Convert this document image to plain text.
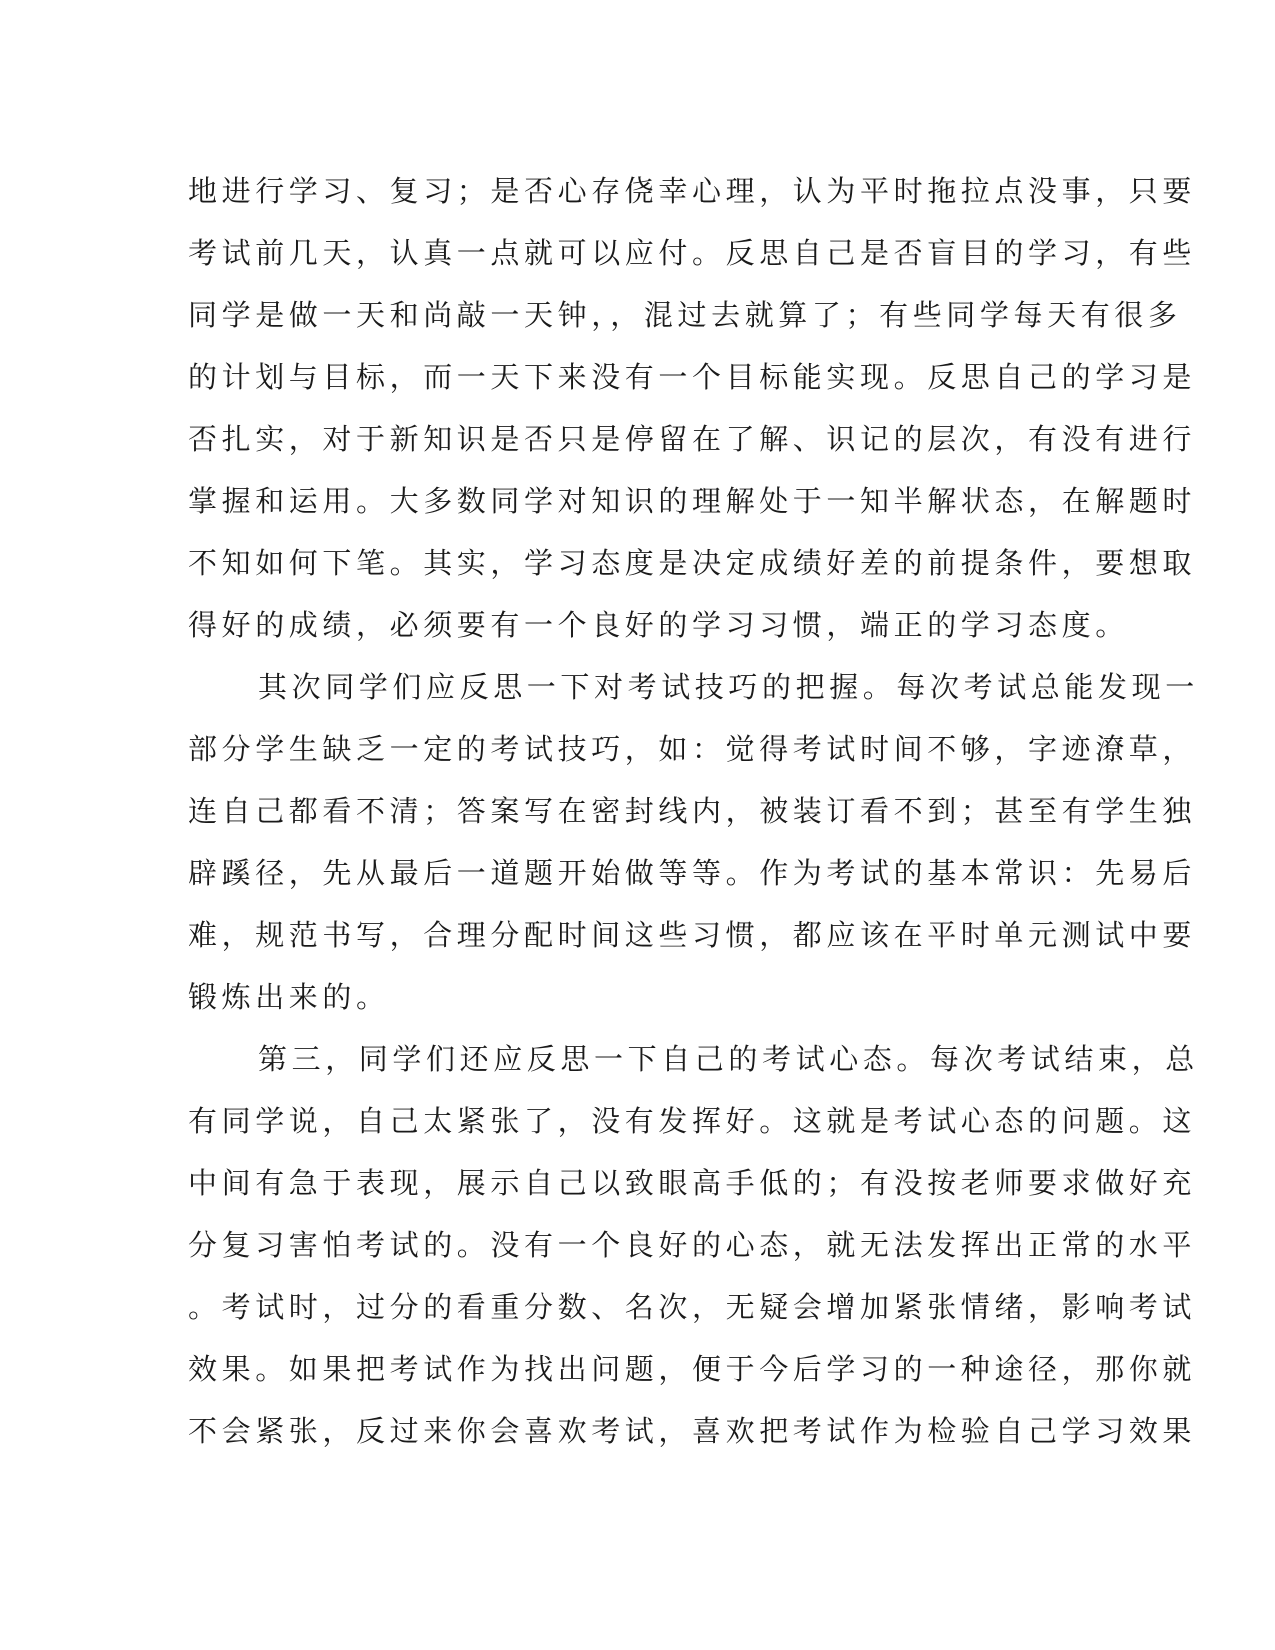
地进行学习、复习；是否心存侥幸心理，认为平时拖拉点没事，只要
考试前几天，认真一点就可以应付。反思自己是否盲目的学习，有些
同学是做一天和尚敲一天钟，，混过去就算了；有些同学每天有很多
的计划与目标，而一天下来没有一个目标能实现。反思自己的学习是
否扎实，对于新知识是否只是停留在了解、识记的层次，有没有进行
掌握和运用。大多数同学对知识的理解处于一知半解状态，在解题时
不知如何下笔。其实，学习态度是决定成绩好差的前提条件，要想取
得好的成绩，必须要有一个良好的学习习惯，端正的学习态度。
其次同学们应反思一下对考试技巧的把握。每次考试总能发现一
部分学生缺乏一定的考试技巧，如：觉得考试时间不够，字迹潦草，
连自己都看不清；答案写在密封线内，被装订看不到；甚至有学生独
辟蹊径，先从最后一道题开始做等等。作为考试的基本常识：先易后
难，规范书写，合理分配时间这些习惯，都应该在平时单元测试中要
锻炼出来的。
第三，同学们还应反思一下自己的考试心态。每次考试结束，总
有同学说，自己太紧张了，没有发挥好。这就是考试心态的问题。这
中间有急于表现，展示自己以致眼高手低的；有没按老师要求做好充
分复习害怕考试的。没有一个良好的心态，就无法发挥出正常的水平
。考试时，过分的看重分数、名次，无疑会增加紧张情绪，影响考试
效果。如果把考试作为找出问题，便于今后学习的一种途径，那你就
不会紧张，反过来你会喜欢考试，喜欢把考试作为检验自己学习效果
